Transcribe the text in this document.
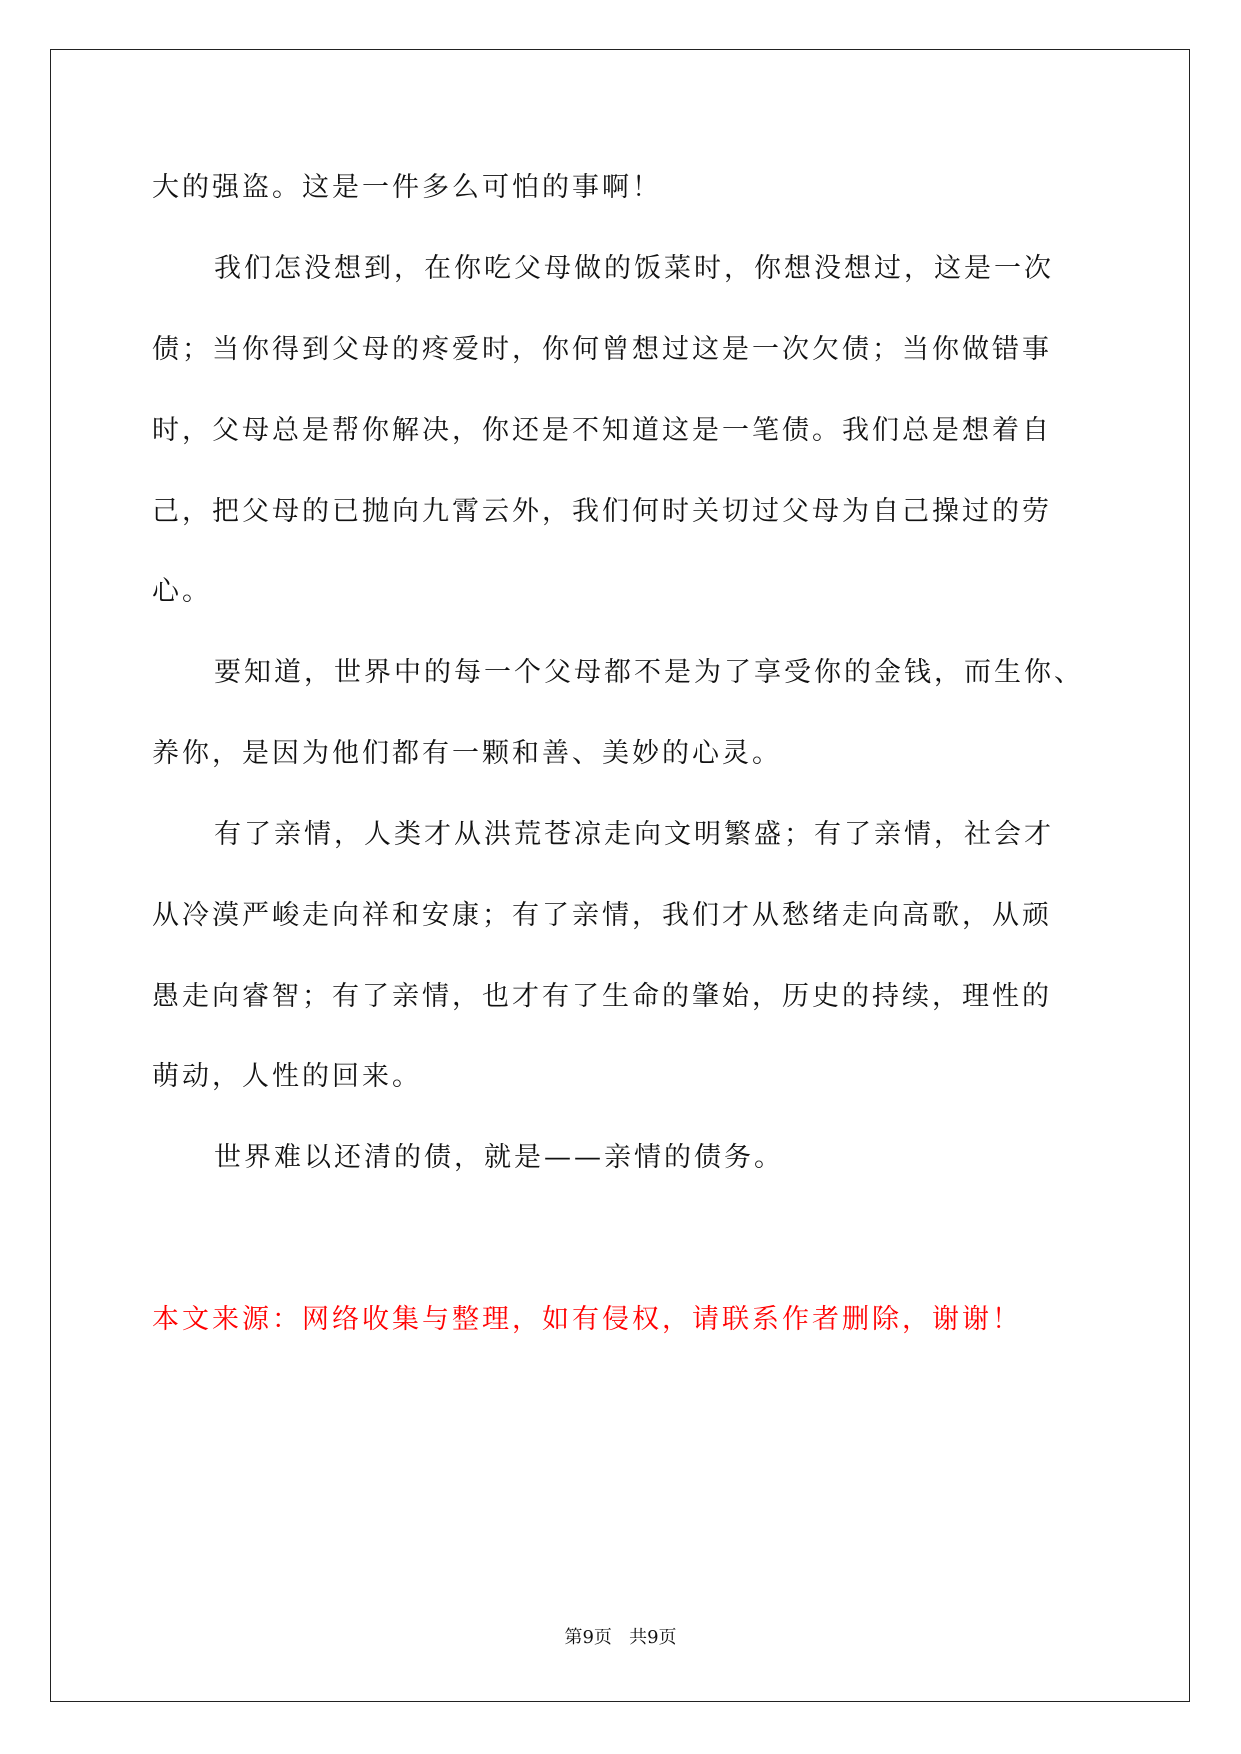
大的强盗。这是一件多么可怕的事啊！
我们怎没想到，在你吃父母做的饭菜时，你想没想过，这是一次
债；当你得到父母的疼爱时，你何曾想过这是一次欠债；当你做错事
时，父母总是帮你解决，你还是不知道这是一笔债。我们总是想着自
己，把父母的已抛向九霄云外，我们何时关切过父母为自己操过的劳
心。
要知道，世界中的每一个父母都不是为了享受你的金钱，而生你、
养你，是因为他们都有一颗和善、美妙的心灵。
有了亲情，人类才从洪荒苍凉走向文明繁盛；有了亲情，社会才
从冷漠严峻走向祥和安康；有了亲情，我们才从愁绪走向高歌，从顽
愚走向睿智；有了亲情，也才有了生命的肇始，历史的持续，理性的
萌动，人性的回来。
世界难以还清的债，就是——亲情的债务。
本文来源：网络收集与整理，如有侵权，请联系作者删除，谢谢！
第9页   共9页
